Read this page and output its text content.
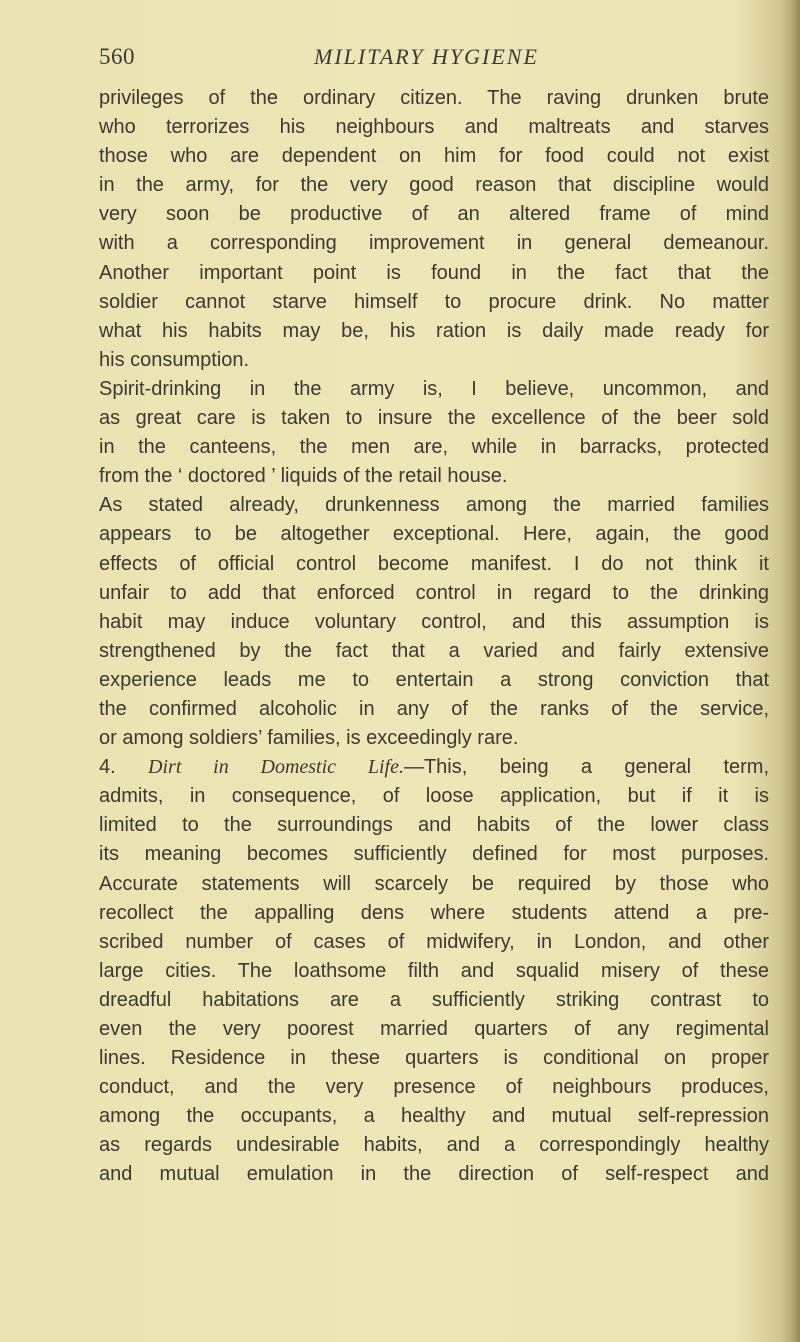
560	MILITARY HYGIENE

privileges of the ordinary citizen. The raving drunken brute

who terrorizes his neighbours and maltreats and starves

those who are dependent on him for food could not exist

in the army, for the very good reason that discipline would

very soon be productive of an altered frame of mind

with a corresponding improvement in general demeanour.

Another important point is found in the fact that the

soldier cannot starve himself to procure drink. No matter

what his habits may be, his ration is daily made ready for

his consumption.

Spirit-drinking in the army is, I believe, uncommon, and

as great care is taken to insure the excellence of the beer sold

in the canteens, the men are, while in barracks, protected

from the ‘ doctored ’ liquids of the retail house.

As stated already, drunkenness among the married families

appears to be altogether exceptional. Here, again, the good

effects of official control become manifest. I do not think it

unfair to add that enforced control in regard to the drinking

habit may induce voluntary control, and this assumption is

strengthened by the fact that a varied and fairly extensive

experience leads me to entertain a strong conviction that

the confirmed alcoholic in any of the ranks of the service,

or among soldiers’ families, is exceedingly rare.

4. Dirt in Domestic Life.—This, being a general term,

admits, in consequence, of loose application, but if it is

limited to the surroundings and habits of the lower class

its meaning becomes sufficiently defined for most purposes.

Accurate statements will scarcely be required by those who

recollect the appalling dens where students attend a pre-

scribed number of cases of midwifery, in London, and other

large cities. The loathsome filth and squalid misery of these

dreadful habitations are a sufficiently striking contrast to

even the very poorest married quarters of any regimental

lines. Residence in these quarters is conditional on proper

conduct, and the very presence of neighbours produces,

among the occupants, a healthy and mutual self-repression

as regards undesirable habits, and a correspondingly healthy

and mutual emulation in the direction of self-respect and
